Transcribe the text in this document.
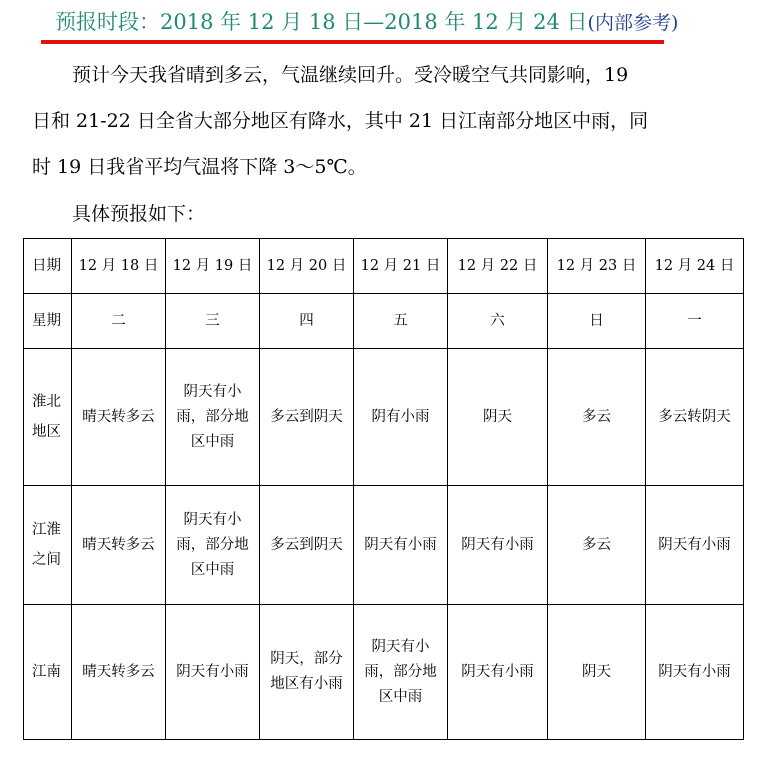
预报时段：2018 年 12 月 18 日—2018 年 12 月 24 日(内部参考)
预计今天我省晴到多云，气温继续回升。受冷暖空气共同影响，19
日和 21-22 日全省大部分地区有降水，其中 21 日江南部分地区中雨，同
时 19 日我省平均气温将下降 3～5℃。
具体预报如下：
日期	12 月 18 日	12 月 19 日	12 月 20 日	12 月 21 日	12 月 22 日	12 月 23 日	12 月 24 日
星期	二	三	四	五	六	日	一

淮北
地区	晴天转多云	阴天有小雨，部分地区中雨	多云到阴天	阴有小雨	阴天	多云	多云转阴天

江淮
之间	晴天转多云	阴天有小雨，部分地区中雨	多云到阴天	阴天有小雨	阴天有小雨	多云	阴天有小雨

江南	晴天转多云	阴天有小雨	阴天，部分地区有小雨	阴天有小雨，部分地区中雨	阴天有小雨	阴天	阴天有小雨
